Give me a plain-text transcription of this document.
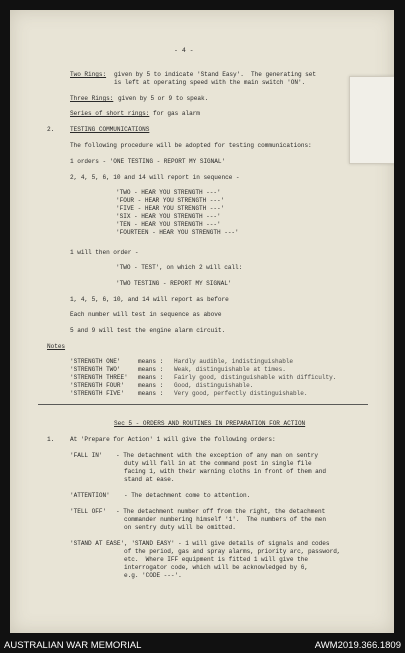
- 4 -
Two Rings: given by 5 to indicate 'Stand Easy'.  The generating set
is left at operating speed with the main switch 'ON'.
Three Rings: given by 5 or 9 to speak.
Series of short rings: for gas alarm
2.	TESTING COMMUNICATIONS
The following procedure will be adopted for testing communications:
1 orders - 'ONE TESTING - REPORT MY SIGNAL'
2, 4, 5, 6, 10 and 14 will report in sequence -
'TWO - HEAR YOU STRENGTH ---'
'FOUR - HEAR YOU STRENGTH ---'
'FIVE - HEAR YOU STRENGTH ---'
'SIX - HEAR YOU STRENGTH ---'
'TEN - HEAR YOU STRENGTH ---'
'FOURTEEN - HEAR YOU STRENGTH ---'
1 will then order -
'TWO - TEST', on which 2 will call:
'TWO TESTING - REPORT MY SIGNAL'
1, 4, 5, 6, 10, and 14 will report as before
Each number will test in sequence as above
5 and 9 will test the engine alarm circuit.
Notes
'STRENGTH ONE'	means : Hardly audible, indistinguishable
'STRENGTH TWO'	means : Weak, distinguishable at times.
'STRENGTH THREE' means : Fairly good, distinguishable with difficulty.
'STRENGTH FOUR' means : Good, distinguishable.
'STRENGTH FIVE' means : Very good, perfectly distinguishable.
Sec 5 - ORDERS AND ROUTINES IN PREPARATION FOR ACTION
1.	At 'Prepare for Action' 1 will give the following orders:
'FALL IN' - The detachment with the exception of any man on sentry
duty will fall in at the command post in single file
facing 1, with their warning cloths in front of them and
stand at ease.
'ATTENTION' - The detachment come to attention.
'TELL OFF' - The detachment number off from the right, the detachment
commander numbering himself '1'.  The numbers of the men
on sentry duty will be omitted.
'STAND AT EASE', 'STAND EASY' - 1 will give details of signals and codes
of the period, gas and spray alarms, priority arc, password,
etc.  Where IFF equipment is fitted 1 will give the
interrogator code, which will be acknowledged by 6,
e.g. 'CODE ---'.
AUSTRALIAN WAR MEMORIAL	AWM2019.366.1809
